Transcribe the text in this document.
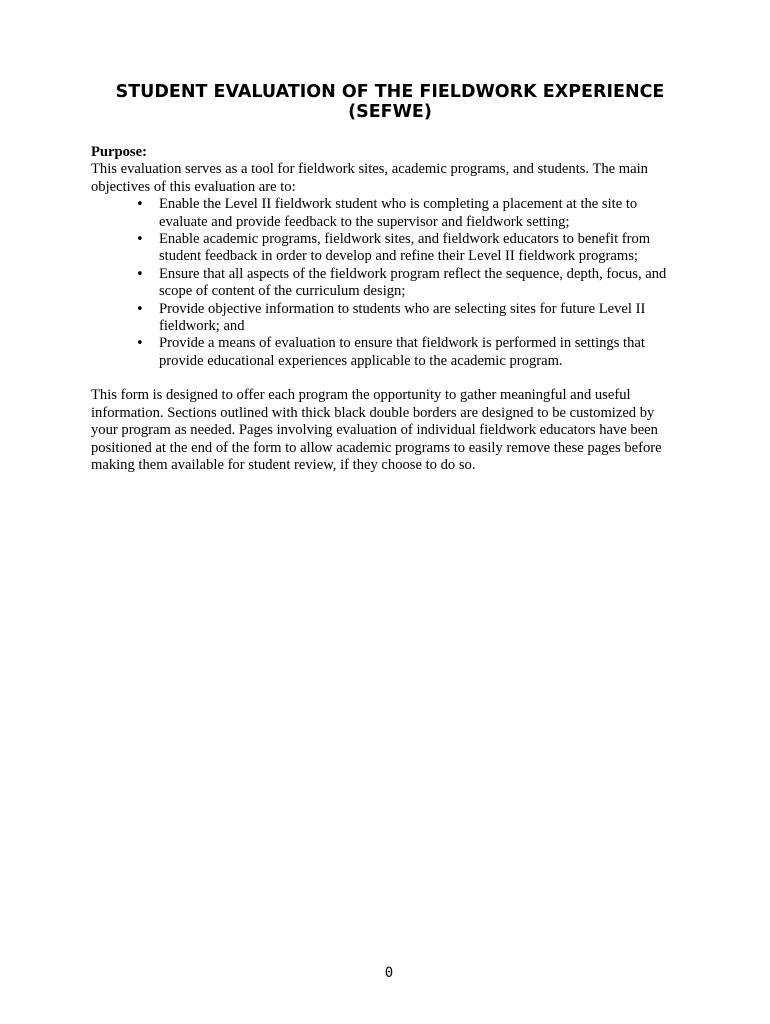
STUDENT EVALUATION OF THE FIELDWORK EXPERIENCE
(SEFWE)

Purpose:

This evaluation serves as a tool for fieldwork sites, academic programs, and students. The main objectives of this evaluation are to:

• Enable the Level II fieldwork student who is completing a placement at the site to
evaluate and provide feedback to the supervisor and fieldwork setting;
• Enable academic programs, fieldwork sites, and fieldwork educators to benefit from
student feedback in order to develop and refine their Level II fieldwork programs;
• Ensure that all aspects of the fieldwork program reflect the sequence, depth, focus, and
scope of content of the curriculum design;
• Provide objective information to students who are selecting sites for future Level II
fieldwork; and
• Provide a means of evaluation to ensure that fieldwork is performed in settings that
provide educational experiences applicable to the academic program.

This form is designed to offer each program the opportunity to gather meaningful and useful
information. Sections outlined with thick black double borders are designed to be customized by
your program as needed. Pages involving evaluation of individual fieldwork educators have been
positioned at the end of the form to allow academic programs to easily remove these pages before
making them available for student review, if they choose to do so.

0
